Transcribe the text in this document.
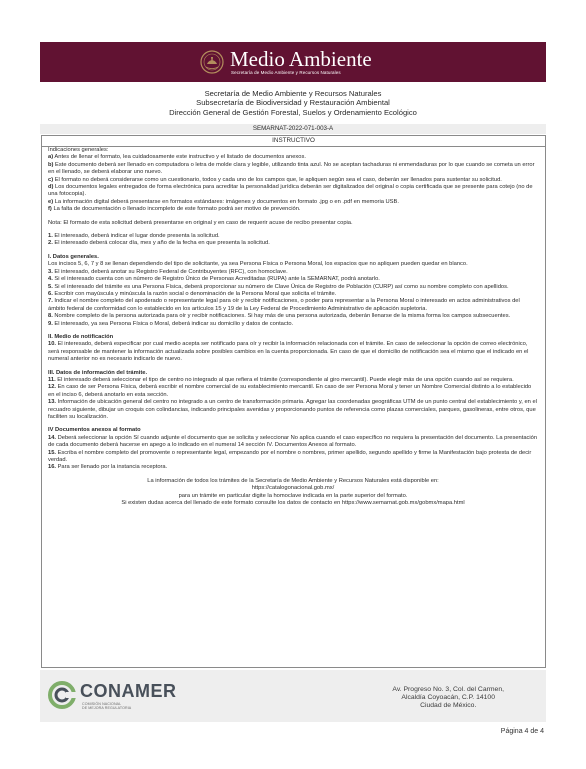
Medio Ambiente
Secretaría de Medio Ambiente y Recursos Naturales
Secretaría de Medio Ambiente y Recursos Naturales
Subsecretaría de Biodiversidad y Restauración Ambiental
Dirección General de Gestión Forestal, Suelos y Ordenamiento Ecológico
SEMARNAT-2022-071-003-A
INSTRUCTIVO
Indicaciones generales:
a) Antes de llenar el formato, lea cuidadosamente este instructivo y el listado de documentos anexos.
b) Este documento deberá ser llenado en computadora o letra de molde clara y legible, utilizando tinta azul. No se aceptan tachaduras ni enmendaduras por lo que cuando se cometa un error en el llenado, se deberá elaborar uno nuevo.
c) El formato no deberá considerarse como un cuestionario, todos y cada uno de los campos que, le apliquen según sea el caso, deberán ser llenados para sustentar su solicitud.
d) Los documentos legales entregados de forma electrónica para acreditar la personalidad jurídica deberán ser digitalizados del original o copia certificada que se presente para cotejo (no de una fotocopia).
e) La información digital deberá presentarse en formatos estándares: imágenes y documentos en formato .jpg o en .pdf en memoria USB.
f) La falta de documentación o llenado incompleto de este formato podrá ser motivo de prevención.
Nota: El formato de esta solicitud deberá presentarse en original y en caso de requerir acuse de recibo presentar copia.
1. El interesado, deberá indicar el lugar donde presenta la solicitud.
2. El interesado deberá colocar día, mes y año de la fecha en que presenta la solicitud.
I. Datos generales.
Los incisos 5, 6, 7 y 8 se llenan dependiendo del tipo de solicitante, ya sea Persona Física o Persona Moral, los espacios que no apliquen pueden quedar en blanco.
3. El interesado, deberá anotar su Registro Federal de Contribuyentes (RFC), con homoclave.
4. Si el interesado cuenta con un número de Registro Único de Personas Acreditadas (RUPA) ante la SEMARNAT, podrá anotarlo.
5. Si el interesado del trámite es una Persona Física, deberá proporcionar su número de Clave Única de Registro de Población (CURP) así como su nombre completo con apellidos.
6. Escribir con mayúscula y minúscula la razón social o denominación de la Persona Moral que solicita el trámite.
7. Indicar el nombre completo del apoderado o representante legal para oír y recibir notificaciones, o poder para representar a la Persona Moral o interesado en actos administrativos del ámbito federal de conformidad con lo establecido en los artículos 15 y 19 de la Ley Federal de Procedimiento Administrativo de aplicación supletoria.
8. Nombre completo de la persona autorizada para oír y recibir notificaciones. Si hay más de una persona autorizada, deberán llenarse de la misma forma los campos subsecuentes.
9. El interesado, ya sea Persona Física o Moral, deberá indicar su domicilio y datos de contacto.
II. Medio de notificación
10. El interesado, deberá especificar por cual medio acepta ser notificado para oír y recibir la información relacionada con el trámite. En caso de seleccionar la opción de correo electrónico, será responsable de mantener la información actualizada sobre posibles cambios en la cuenta proporcionada. En caso de que el domicilio de notificación sea el mismo que el indicado en el numeral anterior no es necesario indicarlo de nuevo.
III. Datos de información del trámite.
11. El interesado deberá seleccionar el tipo de centro no integrado al que refiera el trámite (correspondiente al giro mercantil). Puede elegir más de una opción cuando así se requiera.
12. En caso de ser Persona Física, deberá escribir el nombre comercial de su establecimiento mercantil. En caso de ser Persona Moral y tener un Nombre Comercial distinto a lo establecido en el inciso 6, deberá anotarlo en esta sección.
13. Información de ubicación general del centro no integrado a un centro de transformación primaria. Agregar las coordenadas geográficas UTM de un punto central del establecimiento y, en el recuadro siguiente, dibujar un croquis con colindancias, indicando principales avenidas y proporcionando puntos de referencia como plazas comerciales, parques, gasolineras, entre otros, que faciliten su localización.
IV Documentos anexos al formato
14. Deberá seleccionar la opción Sí cuando adjunte el documento que se solicita y seleccionar No aplica cuando el caso específico no requiera la presentación del documento. La presentación de cada documento deberá hacerse en apego a lo indicado en el numeral 14 sección IV. Documentos Anexos al formato.
15. Escriba el nombre completo del promovente o representante legal, empezando por el nombre o nombres, primer apellido, segundo apellido y firme la Manifestación bajo protesta de decir verdad.
16. Para ser llenado por la instancia receptora.
La información de todos los trámites de la Secretaría de Medio Ambiente y Recursos Naturales está disponible en:
https://catalogonacional.gob.mx/
para un trámite en particular digite la homoclave indicada en la parte superior del formato.
Si existen dudas acerca del llenado de este formato consulte los datos de contacto en https://www.semarnat.gob.mx/gobmx/mapa.html
CONAMER
COMISIÓN NACIONAL
DE MEJORA REGULATORIA
Av. Progreso No. 3, Col. del Carmen,
Alcaldía Coyoacán, C.P. 14100
Ciudad de México.
Página 4 de 4
